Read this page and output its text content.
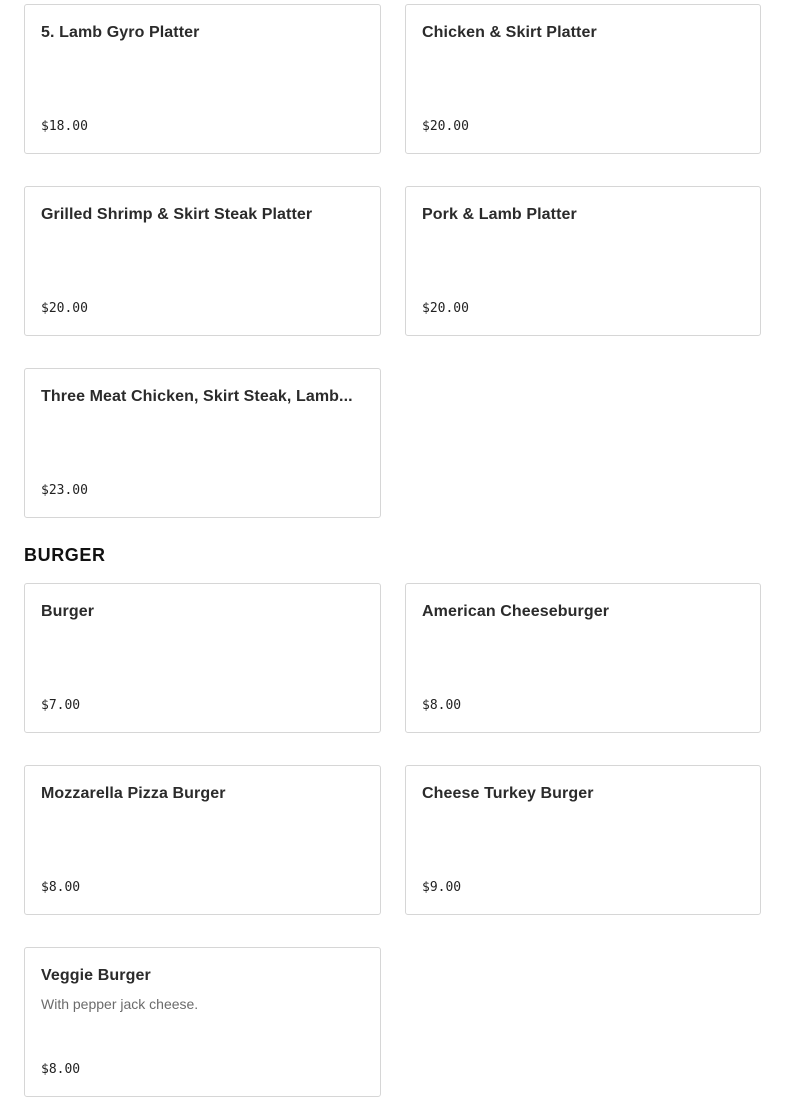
5. Lamb Gyro Platter
$18.00
Chicken & Skirt Platter
$20.00
Grilled Shrimp & Skirt Steak Platter
$20.00
Pork & Lamb Platter
$20.00
Three Meat Chicken, Skirt Steak, Lamb...
$23.00
BURGER
Burger
$7.00
American Cheeseburger
$8.00
Mozzarella Pizza Burger
$8.00
Cheese Turkey Burger
$9.00
Veggie Burger
With pepper jack cheese.
$8.00
